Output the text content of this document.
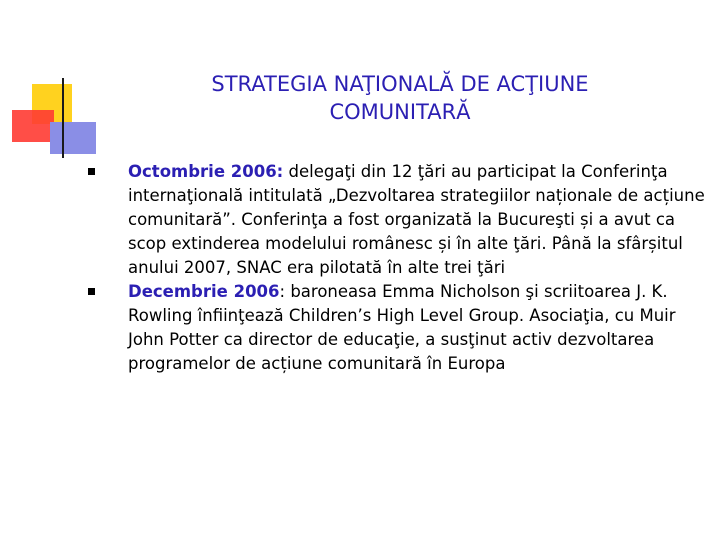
STRATEGIA NAŢIONALĂ DE ACŢIUNE
COMUNITARĂ
Octombrie 2006: delegaţi din 12 ţări au participat la Conferinţa internaţională intitulată „Dezvoltarea strategiilor naționale de acțiune comunitară”. Conferinţa a fost organizată la Bucureşti și a avut ca scop extinderea modelului românesc și în alte ţări. Până la sfârșitul anului 2007, SNAC era pilotată în alte trei ţări
Decembrie 2006: baroneasa Emma Nicholson şi scriitoarea J. K. Rowling înfiinţează Children’s High Level Group. Asociaţia, cu Muir John Potter ca director de educaţie, a susţinut activ dezvoltarea programelor de acțiune comunitară în Europa
